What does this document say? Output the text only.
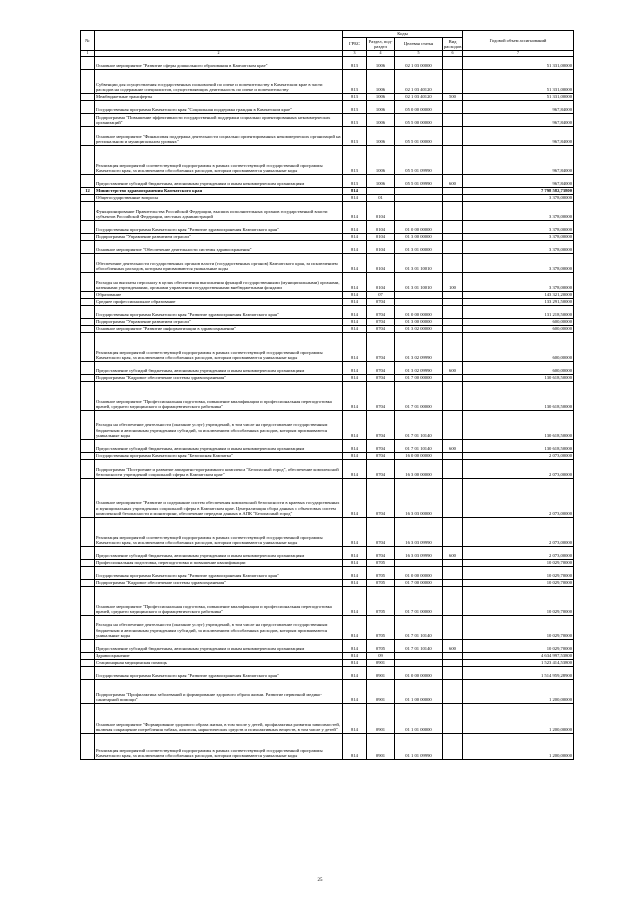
№		Коды				Годовой объем ассигнований
		ГРБС	Раздел, под-раздел	Целевая статья	Вид расходов	
1	2	3	4	5	6	7
	Основное мероприятие "Развитие сферы дошкольного образования в Камчатском крае"	813	1006	02 1 03 00000		51 331,00000
	Субвенции для осуществления государственных полномочий по опеке и попечительству в Камчатском крае в части расходов на содержание специалистов, осуществляющих деятельность по опеке и попечительству	813	1006	02 1 03 40120		51 331,00000
	Межбюджетные трансферты	813	1006	02 1 03 40120	500	51 331,00000
	Государственная программа Камчатского края "Социальная поддержка граждан в Камчатском крае"	813	1006	05 0 00 00000		967,84000
	Подпрограмма "Повышение эффективности государственной поддержки социально ориентированных некоммерческих организаций"	813	1006	05 5 00 00000		967,84000
	Основное мероприятие "Финансовая поддержка деятельности социально ориентированных некоммерческих организаций на региональном и муниципальном уровнях"	813	1006	05 5 01 00000		967,84000
	Реализация мероприятий соответствующей подпрограммы в рамках соответствующей государственной программы Камчатского края, за исключением обособленных расходов, которым присваиваются уникальные коды	813	1006	05 5 01 09990		967,84000
	Предоставление субсидий бюджетным, автономным учреждениям и иным некоммерческим организациям	813	1006	05 5 01 09990	600	967,84000
12	Министерство здравоохранения Камчатского края	814				7 798 582,73800
	Общегосударственные вопросы	814	01			3 378,00000
	Функционирование Правительства Российской Федерации, высших исполнительных органов государственной власти субъектов Российской Федерации, местных администраций	814	0104			3 378,00000
	Государственная программа Камчатского края "Развитие здравоохранения Камчатского края"	814	0104	01 0 00 00000		3 378,00000
	Подпрограмма "Управление развитием отрасли"	814	0104	01 3 00 00000		3 378,00000
	Основное мероприятие "Обеспечение деятельности системы здравоохранения"	814	0104	01 3 01 00000		3 378,00000
	Обеспечение деятельности государственных органов власти (государственных органов) Камчатского края, за исключением обособленных расходов, которым присваиваются уникальные коды	814	0104	01 3 01 10010		3 378,00000
	Расходы на выплаты персоналу в целях обеспечения выполнения функций государственными (муниципальными) органами, казенными учреждениями, органами управления государственными внебюджетными фондами	814	0104	01 3 01 10010	100	3 378,00000
	Образование	814	07			143 321,20000
	Среднее профессиональное образование	814	0704			133 291,50000
	Государственная программа Камчатского края "Развитие здравоохранения Камчатского края"	814	0704	01 0 00 00000		131 218,50000
	Подпрограмма "Управление развитием отрасли"	814	0704	01 3 00 00000		600,00000
	Основное мероприятие "Развитие информатизации в здравоохранении"	814	0704	01 3 02 00000		600,00000
	Реализация мероприятий соответствующей подпрограммы в рамках соответствующей государственной программы Камчатского края, за исключением обособленных расходов, которым присваиваются уникальные коды	814	0704	01 3 02 09990		600,00000
	Предоставление субсидий бюджетным, автономным учреждениям и иным некоммерческим организациям	814	0704	01 3 02 09990	600	600,00000
	Подпрограмма "Кадровое обеспечение системы здравоохранения"	814	0704	01 7 00 00000		130 618,50000
	Основное мероприятие "Профессиональная подготовка, повышение квалификации и профессиональная переподготовка врачей, среднего медицинского и фармацевтического работника"	814	0704	01 7 01 00000		130 618,50000
	Расходы на обеспечение деятельности (оказание услуг) учреждений, в том числе на предоставление государственным бюджетным и автономным учреждениям субсидий, за исключением обособленных расходов, которым присваиваются уникальные коды	814	0704	01 7 01 10140		130 618,50000
	Предоставление субсидий бюджетным, автономным учреждениям и иным некоммерческим организациям	814	0704	01 7 01 10140	600	130 618,50000
	Государственная программа Камчатского края "Безопасная Камчатка"	814	0704	16 0 00 00000		2 073,00000
	Подпрограмма "Построение и развитие аппаратно-программного комплекса "Безопасный город", обеспечение комплексной безопасности учреждений социальной сферы в Камчатском крае"	814	0704	16 3 00 00000		2 073,00000
	Основное мероприятие "Развитие и содержание систем обеспечения комплексной безопасности в краевых государственных и муниципальных учреждениях социальной сферы в Камчатском крае. Централизация сбора данных с объектовых систем комплексной безопасности и мониторинг, обеспечение передачи данных в АПК "Безопасный город"	814	0704	16 3 03 00000		2 073,00000
	Реализация мероприятий соответствующей подпрограммы в рамках соответствующей государственной программы Камчатского края, за исключением обособленных расходов, которым присваиваются уникальные коды	814	0704	16 3 03 09990		2 073,00000
	Предоставление субсидий бюджетным, автономным учреждениям и иным некоммерческим организациям	814	0704	16 3 03 09990	600	2 073,00000
	Профессиональная подготовка, переподготовка и повышение квалификации	814	0705			10 029,70000
	Государственная программа Камчатского края "Развитие здравоохранения Камчатского края"	814	0705	01 0 00 00000		10 029,70000
	Подпрограмма "Кадровое обеспечение системы здравоохранения"	814	0705	01 7 00 00000		10 029,70000
	Основное мероприятие "Профессиональная подготовка, повышение квалификации и профессиональная переподготовка врачей, среднего медицинского и фармацевтического работника"	814	0705	01 7 01 00000		10 029,70000
	Расходы на обеспечение деятельности (оказание услуг) учреждений, в том числе на предоставление государственным бюджетным и автономным учреждениям субсидий, за исключением обособленных расходов, которым присваиваются уникальные коды	814	0705	01 7 01 10140		10 029,70000
	Предоставление субсидий бюджетным, автономным учреждениям и иным некоммерческим организациям	814	0705	01 7 01 10140	600	10 029,70000
	Здравоохранение	814	09			4 634 997,53800
	Стационарная медицинская помощь	814	0901			1 523 414,53800
	Государственная программа Камчатского края "Развитие здравоохранения Камчатского края"	814	0901	01 0 00 00000		1 514 959,28900
	Подпрограмма "Профилактика заболеваний и формирование здорового образа жизни. Развитие первичной медико-санитарной помощи"	814	0901	01 1 00 00000		1 200,00000
	Основное мероприятие "Формирование здорового образа жизни, в том числе у детей, профилактика развития зависимостей, включая сокращение потребления табака, алкоголя, наркотических средств и психоактивных веществ, в том числе у детей"	814	0901	01 1 01 00000		1 200,00000
	Реализация мероприятий соответствующей подпрограммы в рамках соответствующей государственной программы Камчатского края, за исключением обособленных расходов, которым присваиваются уникальные коды	814	0901	01 1 01 09990		1 200,00000
25
